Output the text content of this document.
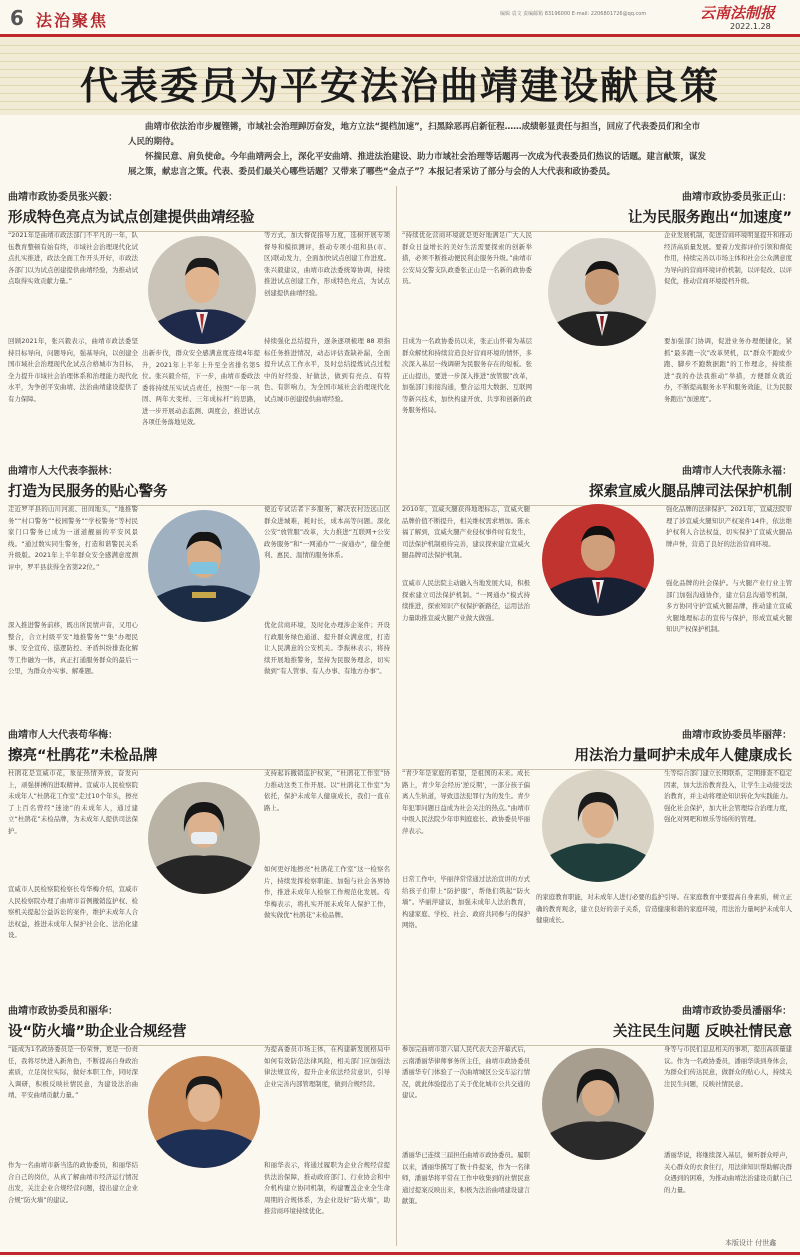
6 法治聚焦	编辑 袁文 责编邮箱 83196000 E-mail: 2206801726@qq.com	云南法制报
2022.1.28
代表委员为平安法治曲靖建设献良策

曲靖市依法治市步履铿锵，市域社会治理踔厉奋发，地方立法“提档加速”，扫黑除恶再启新征程……成绩彰显责任与担当，回应了代表委员们和全市人民的期待。

怀揣民意、肩负使命。今年曲靖两会上，深化平安曲靖、推进法治建设、助力市域社会治理等话题再一次成为代表委员们热议的话题。建言献策，谋发展之策，献忠言之策。代表、委员们最关心哪些话题？又带来了哪些“金点子”？本报记者采访了部分与会的人大代表和政协委员。

曲靖市政协委员张兴毅：
形成特色亮点为试点创建提供曲靖经验
“2021年是曲靖市政法部门不平凡的一年，队伍教育整顿有始有终，市域社会治理现代化试点扎实推进，政法全面工作开头开好，市政法各部门以为试点创建提供曲靖经验，为推动试点取得实效贡献力量。”
回顾2021年，张兴毅表示，曲靖市政法委坚持目标导向，问题导向，强基导向，以创建全国市域社会治理现代化试点合格城市为目标，全力提升市域社会治理体系和治理能力现代化水平，为争创平安曲靖、法治曲靖建设提供了有力保障。
出新步伐，群众安全感满意度连续4年提升，2021年上半年上升至全省排名第5位。张兴毅介绍，下一步，曲靖市委政法委将持续压实试点责任，按照“一年一巩固、两年大变样、三年成标杆”的思路，进一步开展动态监测、调度会，推进试点各项任务落地见效。
等方式，加大督促指导力度，选树开展专项督导和模拟测评，推动专项小组和县(市、区)联动发力，全面加快试点创建工作进度。张兴毅建议，曲靖市政法委统筹协调，持续推进试点创建工作，形成特色亮点，为试点创建提供曲靖经验。
持续强化总结提升，逐条逐项梳理 88 项指标任务推进情况，动态评估查缺补漏，全面提升试点工作水平，及时总结提炼试点过程中的好经验、好做法，做到有亮点、有特色、有影响力，为全国市域社会治理现代化试点城市创建提供曲靖经验。
曲靖市政协委员张正山：
让为民服务跑出“加速度”
“持续优化营商环境就是更好地满足广大人民群众日益增长的美好生活需要探索的创新举措，必须不断推动便民利企服务升级。”曲靖市公安局交警支队政委张正山是一名新的政协委员。
目成为一名政协委员以来，张正山怀着为基层群众解忧和持续营造良好营商环境的情怀，多次深入基层一线调研为民服务存在的短板。张正山提出，要进一步深入推进“放管服”改革，加强部门衔接沟通，整合运用大数据、互联网等新兴技术，加快构建开放、共享和创新的政务服务格局。
企业发展机制，促进营商环境明显提升和推动经济高质量发展。要着力发挥评价引领和督促作用，持续完善以市场主体和社会公众满意度为导向的营商环境评价机制，以评促改、以评促优，推动营商环境提档升级。
要加强部门协调，促进业务办理便捷化，紧抓“最多跑一次”改革契机，以“群众不跑或少跑、脚步不跑数据跑”的工作理念，持续推进“我的办法我推动”举措，方便群众就近办，不断提高服务水平和服务效能，让为民服务跑出“加速度”。
曲靖市人大代表李振林：
打造为民服务的贴心警务
走近罗平县的山川河流、田间地头，“地推警务”“村口警务”“校园警务”“学校警务”等村民家门口警务已成为一道道靓丽的平安风景线。“通过数实同生警务，打造和谐警民关系升级版。2021年上半年群众安全感满意度测评中，罗平县获得全省第22位。”
深入推进警务前移，既出所民情声音，又用心整合，合立村级平安“地推警务”“集”办理民事、安全宣传、巡逻防控、矛盾纠纷排查化解等工作融为一体，真正打通服务群众的最后一公里，为群众办实事、解难题。
使近专试话者下乡服务，解决农村边远山区群众进城难，耗时长，成本高等问题。深化公安“放管服”改革，大力推进“互联网+公安政务服务”和“一网通办”“一窗通办”，健全便利、惠民、温情的服务体系。
优化营商环境，及时化办理涉企案件；开设行政服务绿色通道、提升群众满意度，打造让人民满意的公安机关。李振林表示，将持续开展地推警务，坚持为民服务理念，切实做到“有人管事、有人办事、有地方办事”。
曲靖市人大代表陈永福：
探索宣威火腿品牌司法保护机制
2010年，宣威火腿获得地理标志，宣威火腿品牌价值不断提升，相关维权需求增加。陈永福了解到，宣威火腿产业侵权事件时有发生，司法保护机制亟待完善，建议探索建立宣威火腿品牌司法保护机制。
宣威市人民法院主动融入当地发展大局，积极探索建立司法保护机制。“一网通办”模式持续推进，探索知识产权保护新路径，运用法治力量助推宣威火腿产业做大做强。
强化品牌的法律保护。2021年，宣威法院审理了涉宣威火腿知识产权案件14件，依法维护权利人合法权益，切实保护了宣威火腿品牌声誉，营造了良好的法治营商环境。
强化品牌的社会保护。与火腿产业行业主管部门加强沟通协作，建立信息沟通等机制，多方协同守护宣威火腿品牌，推动建立宣威火腿地理标志的宣传与保护，形成宣威火腿知识产权保护机制。
曲靖市人大代表苟华梅：
擦亮“杜鹃花”未检品牌
杜鹃花是宣威市花，象征热情奔放，奋发向上，顽强拼搏的进取精神。宣威市人民检察院未成年人“杜鹃花工作室”走过10个年头，擦亮了上百名曾经“迷途”的未成年人，通过建立“杜鹃花”未检品牌，为未成年人提供司法保护。
宣威市人民检察院检察长苟华梅介绍，宣威市人民检察院办理了曲靖市首例撤销监护权、检察机关提起公益诉讼的案件，维护未成年人合法权益，推进未成年人保护社会化、法治化建设。
支持起诉撤销监护权案，“杜鹃花工作室”协力推动这类工作开展。以“杜鹃花工作室”为依托，保护未成年人健康成长，我们一直在路上。
如何更好地擦亮“杜鹃花工作室”这一检察名片，持续发挥检察职能、加强与社会各界协作，推进未成年人检察工作规范化发展。苟华梅表示，将扎实开展未成年人保护工作，做实做优“杜鹃花”未检品牌。
曲靖市政协委员毕丽萍：
用法治力量呵护未成年人健康成长
“青少年是家庭的希望，是祖国的未来。成长路上，青少年会经历‘逆反期’，一部分孩子偏离人生轨道，导致违法犯罪行为的发生。青少年犯罪问题日益成为社会关注的热点。”曲靖市中级人民法院少年审判庭庭长、政协委员毕丽萍表示。
日常工作中，毕丽萍常常通过法治宣讲的方式给孩子们带上“防护服”，帮他们筑起“防火墙”。毕丽萍建议，加强未成年人法治教育，构建家庭、学校、社会、政府共同参与的保护网络。
生等综合部门建立长期联系，定期排查不稳定因素，加大法治教育投入，让学生主动接受法治教育，并主动将理论知识转化为实践能力。强化社会保护，加大社会管理综合治理力度，强化对网吧和娱乐等场所的管理。
的家庭教育职能，对未成年人进行必要的监护引导。在家庭教育中要提高自身素质，树立正确的教育观念，建立良好的亲子关系，营造健康和谐的家庭环境，用法治力量呵护未成年人健康成长。
曲靖市政协委员和丽华：
设“防火墙”助企业合规经营
“能成为1名政协委员是一份荣誉，更是一份责任，我将尽快进入新角色，不断提高自身政治素质，立足岗位实际，做好本职工作，同时深入调研，积极反映社情民意，为建设法治曲靖、平安曲靖贡献力量。”
作为一名曲靖市新当选的政协委员，和丽华结合自己的岗位，从真了解曲靖市经济运行情况出发，关注企业合规经营问题，提出建立企业合规“防火墙”的建议。
为提高委员市场主体，在构建新发展格局中如何有效防范法律风险，相关部门应加强法律法规宣传，提升企业依法经营意识，引导企业完善内部管理制度，做到合规经营。
和丽华表示，将通过履职为企业合规经营提供法治保障，推动政府部门、行业协会和中介机构建立协同机制，构建覆盖企业全生命周期的合规体系，为企业设好“防火墙”，助推营商环境持续优化。
曲靖市政协委员潘丽华：
关注民生问题 反映社情民意
参加完曲靖市第六届人民代表大会开幕式后，云南潘丽华律师事务所主任，曲靖市政协委员潘丽华专门体验了一次曲靖城区公交车运行情况，就此体验提出了关于优化城市公共交通的建议。
潘丽华已连续三届担任曲靖市政协委员。履职以来，潘丽华撰写了数十件提案，作为一名律师，潘丽华将平常在工作中收集到的社情民意通过提案反映出来，积极为法治曲靖建设建言献策。
身等与市民们息息相关的事项，提出高质量建议。作为一名政协委员，潘丽华谈到身体会，为群众们传达民意，做群众的贴心人，持续关注民生问题，反映社情民意。
潘丽华说，将继续深入基层，倾听群众呼声，关心群众的衣食住行，用法律知识帮助解决群众遇到的困难，为推动曲靖法治建设贡献自己的力量。
本版设计 付世鑫
